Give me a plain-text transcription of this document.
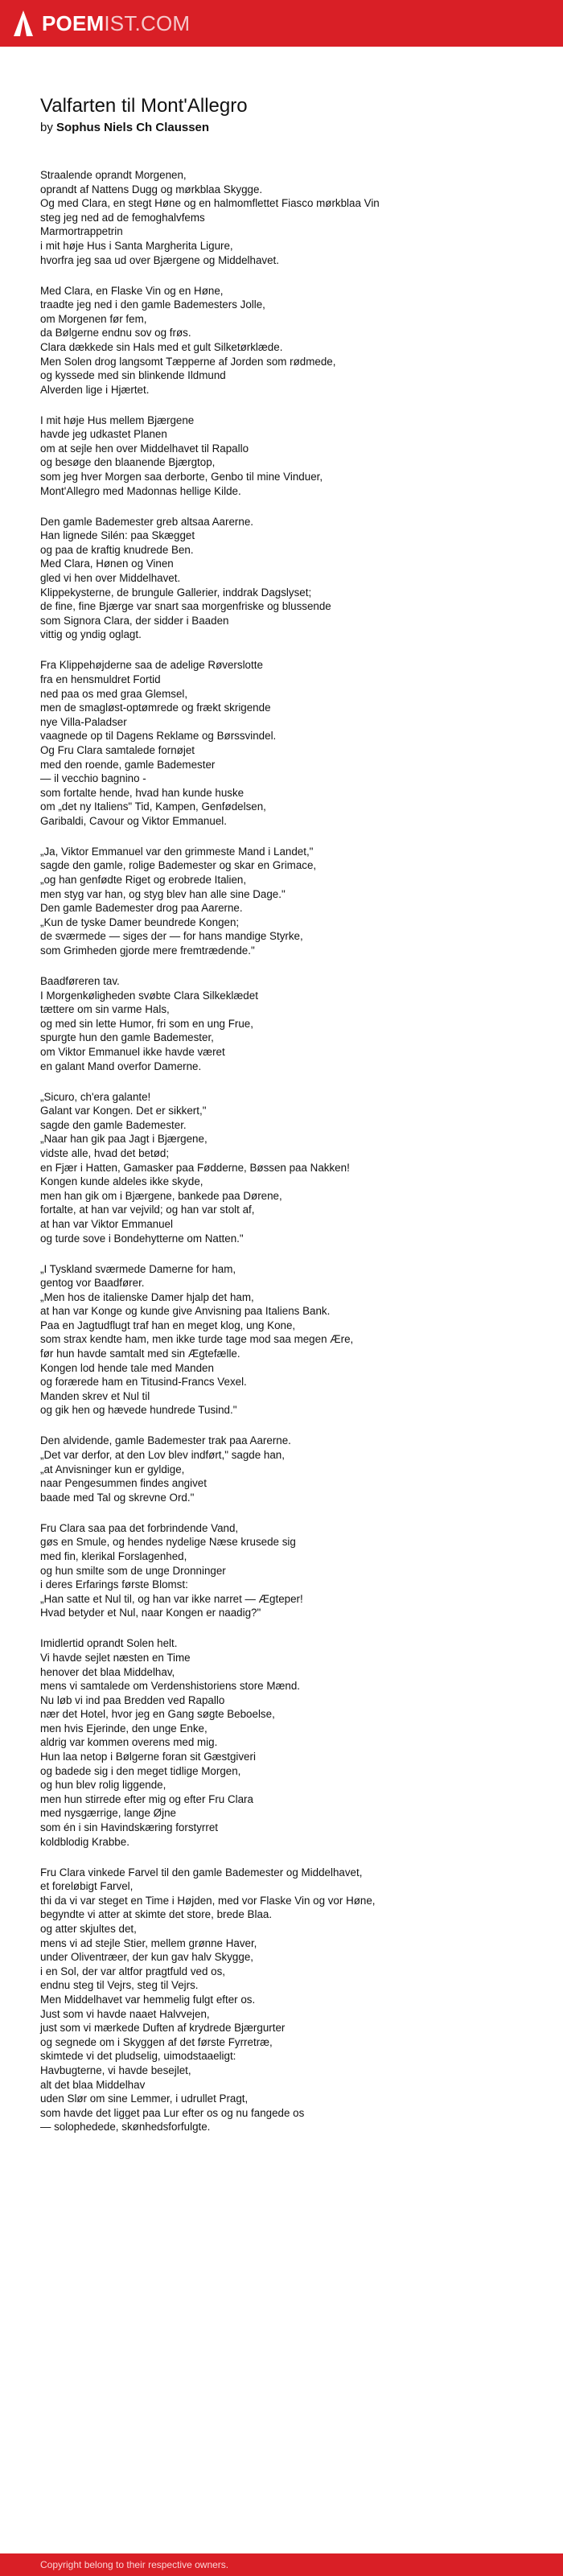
POEMIST.COM
Valfarten til Mont'Allegro
by Sophus Niels Ch Claussen

Straalende oprandt Morgenen,
oprandt af Nattens Dugg og mørkblaa Skygge.
Og med Clara, en stegt Høne og en halmomflettet Fiasco mørkblaa Vin
steg jeg ned ad de femoghalvfems
Marmortrappetrin
i mit høje Hus i Santa Margherita Ligure,
hvorfra jeg saa ud over Bjærgene og Middelhavet.

Med Clara, en Flaske Vin og en Høne,
traadte jeg ned i den gamle Bademesters Jolle,
om Morgenen før fem,
da Bølgerne endnu sov og frøs.
Clara dækkede sin Hals med et gult Silketørklæde.
Men Solen drog langsomt Tæpperne af Jorden som rødmede,
og kyssede med sin blinkende Ildmund
Alverden lige i Hjærtet.

I mit høje Hus mellem Bjærgene
havde jeg udkastet Planen
om at sejle hen over Middelhavet til Rapallo
og besøge den blaanende Bjærgtop,
som jeg hver Morgen saa derborte, Genbo til mine Vinduer,
Mont'Allegro med Madonnas hellige Kilde.

Den gamle Bademester greb altsaa Aarerne.
Han lignede Silén: paa Skægget
og paa de kraftig knudrede Ben.
Med Clara, Hønen og Vinen
gled vi hen over Middelhavet.
Klippekysterne, de brungule Gallerier, inddrak Dagslyset;
de fine, fine Bjærge var snart saa morgenfriske og blussende
som Signora Clara, der sidder i Baaden
vittig og yndig oglagt.

Fra Klippehøjderne saa de adelige Røverslotte
fra en hensmuldret Fortid
ned paa os med graa Glemsel,
men de smagløst-optømrede og frækt skrigende
nye Villa-Paladser
vaagnede op til Dagens Reklame og Børssvindel.
Og Fru Clara samtalede fornøjet
med den roende, gamle Bademester
— il vecchio bagnino -
som fortalte hende, hvad han kunde huske
om „det ny Italiens" Tid, Kampen, Genfødelsen,
Garibaldi, Cavour og Viktor Emmanuel.

„Ja, Viktor Emmanuel var den grimmeste Mand i Landet,"
sagde den gamle, rolige Bademester og skar en Grimace,
„og han genfødte Riget og erobrede Italien,
men styg var han, og styg blev han alle sine Dage."
Den gamle Bademester drog paa Aarerne.
„Kun de tyske Damer beundrede Kongen;
de sværmede — siges der — for hans mandige Styrke,
som Grimheden gjorde mere fremtrædende."

Baadføreren tav.
I Morgenkøligheden svøbte Clara Silkeklædet
tættere om sin varme Hals,
og med sin lette Humor, fri som en ung Frue,
spurgte hun den gamle Bademester,
om Viktor Emmanuel ikke havde været
en galant Mand overfor Damerne.

„Sicuro, ch'era galante!
Galant var Kongen. Det er sikkert,"
sagde den gamle Bademester.
„Naar han gik paa Jagt i Bjærgene,
vidste alle, hvad det betød;
en Fjær i Hatten, Gamasker paa Fødderne, Bøssen paa Nakken!
Kongen kunde aldeles ikke skyde,
men han gik om i Bjærgene, bankede paa Dørene,
fortalte, at han var vejvild; og han var stolt af,
at han var Viktor Emmanuel
og turde sove i Bondehytterne om Natten."

„I Tyskland sværmede Damerne for ham,
gentog vor Baadfører.
„Men hos de italienske Damer hjalp det ham,
at han var Konge og kunde give Anvisning paa Italiens Bank.
Paa en Jagtudflugt traf han en meget klog, ung Kone,
som strax kendte ham, men ikke turde tage mod saa megen Ære,
før hun havde samtalt med sin Ægtefælle.
Kongen lod hende tale med Manden
og forærede ham en Titusind-Francs Vexel.
Manden skrev et Nul til
og gik hen og hævede hundrede Tusind."

Den alvidende, gamle Bademester trak paa Aarerne.
„Det var derfor, at den Lov blev indført," sagde han,
„at Anvisninger kun er gyldige,
naar Pengesummen findes angivet
baade med Tal og skrevne Ord."

Fru Clara saa paa det forbrindende Vand,
gøs en Smule, og hendes nydelige Næse krusede sig
med fin, klerikal Forslagenhed,
og hun smilte som de unge Dronninger
i deres Erfarings første Blomst:
„Han satte et Nul til, og han var ikke narret — Ægteper!
Hvad betyder et Nul, naar Kongen er naadig?"

Imidlertid oprandt Solen helt.
Vi havde sejlet næsten en Time
henover det blaa Middelhav,
mens vi samtalede om Verdenshistoriens store Mænd.
Nu løb vi ind paa Bredden ved Rapallo
nær det Hotel, hvor jeg en Gang søgte Beboelse,
men hvis Ejerinde, den unge Enke,
aldrig var kommen overens med mig.
Hun laa netop i Bølgerne foran sit Gæstgiveri
og badede sig i den meget tidlige Morgen,
og hun blev rolig liggende,
men hun stirrede efter mig og efter Fru Clara
med nysgærrige, lange Øjne
som én i sin Havindskæring forstyrret
koldblodig Krabbe.

Fru Clara vinkede Farvel til den gamle Bademester og Middelhavet,
et foreløbigt Farvel,
thi da vi var steget en Time i Højden, med vor Flaske Vin og vor Høne,
begyndte vi atter at skimte det store, brede Blaa.
og atter skjultes det,
mens vi ad stejle Stier, mellem grønne Haver,
under Oliventræer, der kun gav halv Skygge,
i en Sol, der var altfor pragtfuld ved os,
endnu steg til Vejrs, steg til Vejrs.
Men Middelhavet var hemmelig fulgt efter os.
Just som vi havde naaet Halvvejen,
just som vi mærkede Duften af krydrede Bjærgurter
og segnede om i Skyggen af det første Fyrretræ,
skimtede vi det pludselig, uimodstaaeligt:
Havbugterne, vi havde besejlet,
alt det blaa Middelhav
uden Slør om sine Lemmer, i udrullet Pragt,
som havde det ligget paa Lur efter os og nu fangede os
— solophedede, skønhedsforfulgte.

Copyright belong to their respective owners.
